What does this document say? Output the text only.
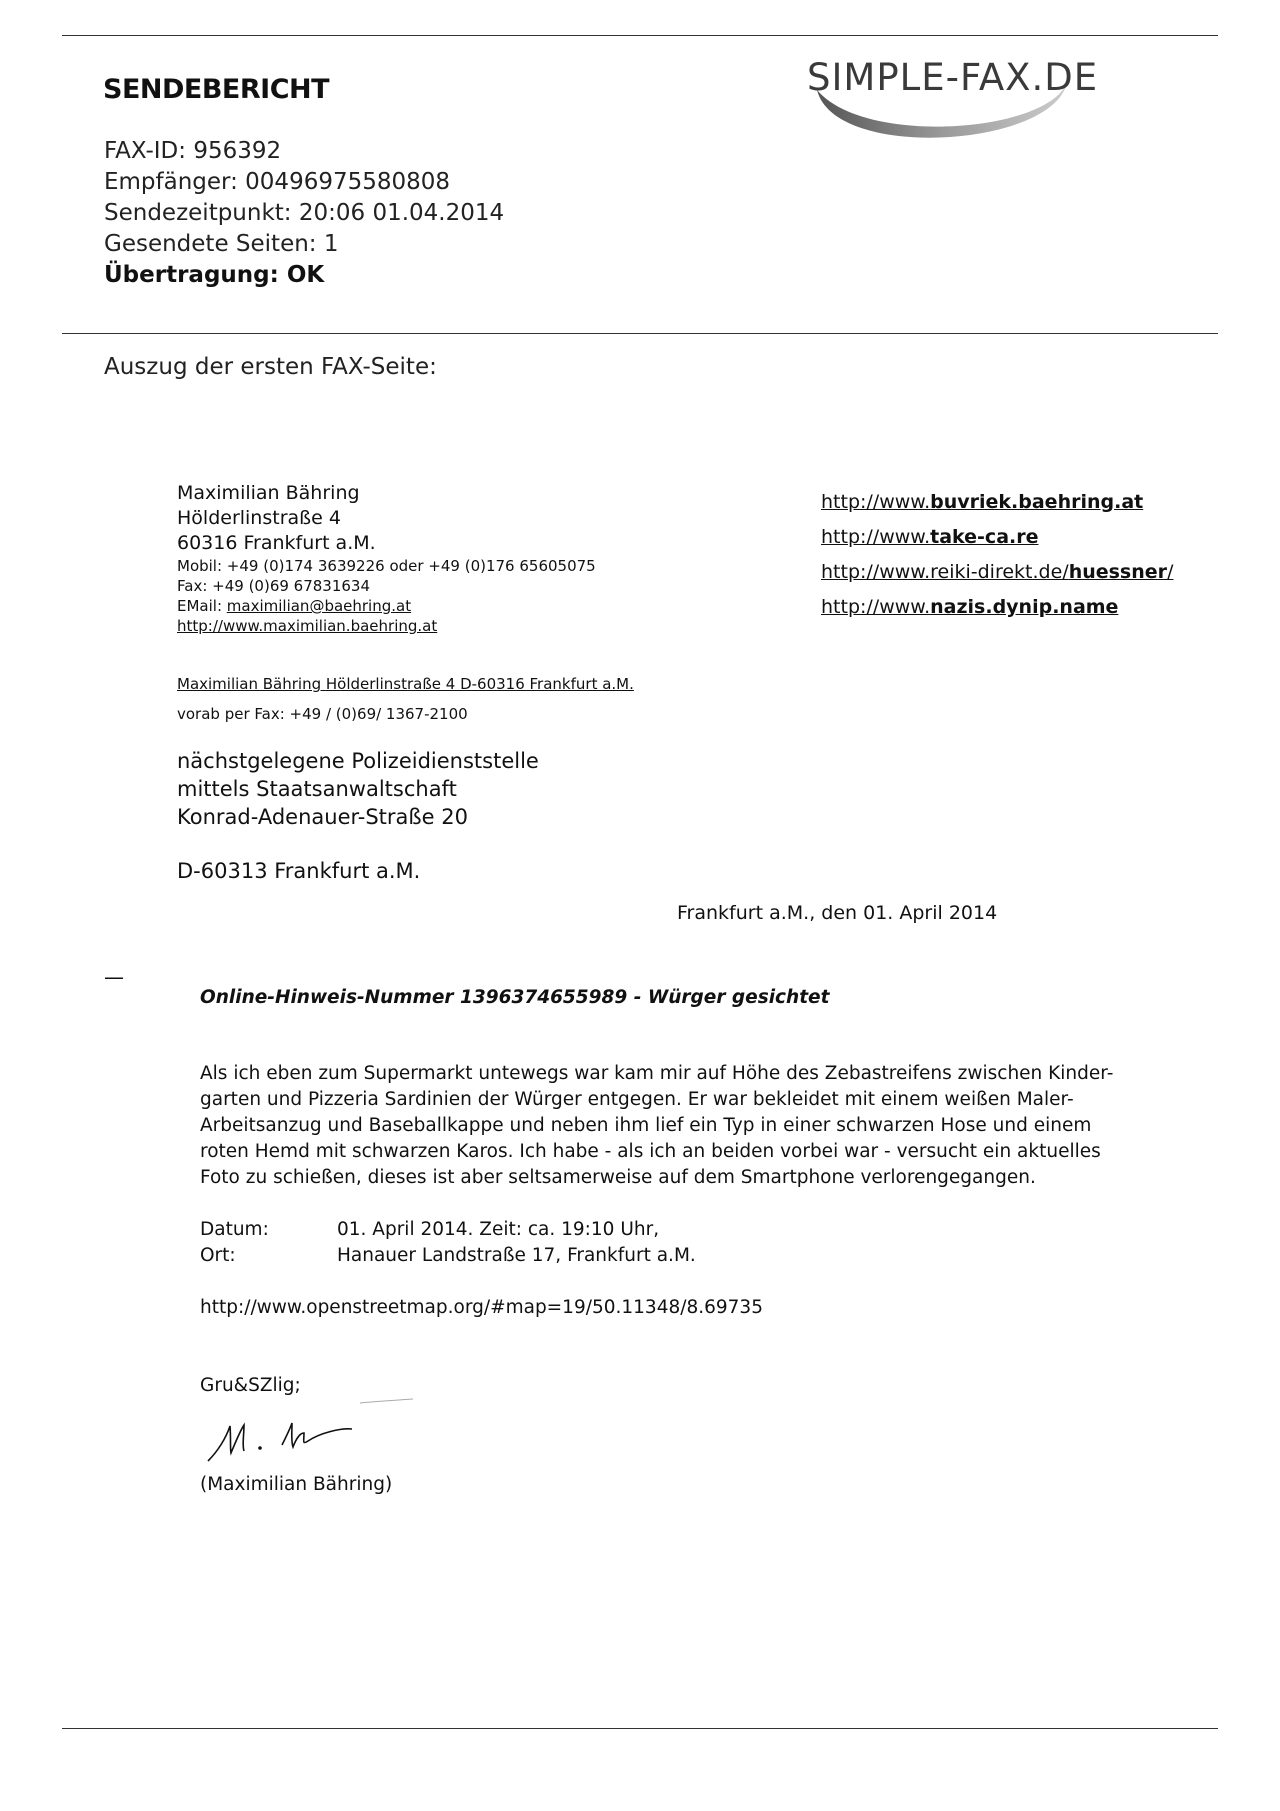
SENDEBERICHT	SIMPLE-FAX.DE
FAX-ID: 956392
Empfänger: 00496975580808
Sendezeitpunkt: 20:06 01.04.2014
Gesendete Seiten: 1
Übertragung: OK
Auszug der ersten FAX-Seite:
Maximilian Bähring
Hölderlinstraße 4
60316 Frankfurt a.M.
Mobil: +49 (0)174 3639226 oder +49 (0)176 65605075
Fax: +49 (0)69 67831634
EMail: maximilian@baehring.at
http://www.maximilian.baehring.at
http://www.buvriek.baehring.at
http://www.take-ca.re
http://www.reiki-direkt.de/huessner/
http://www.nazis.dynip.name
Maximilian Bähring Hölderlinstraße 4 D-60316 Frankfurt a.M.
vorab per Fax: +49 / (0)69/ 1367-2100
nächstgelegene Polizeidienststelle
mittels Staatsanwaltschaft
Konrad-Adenauer-Straße 20
D-60313 Frankfurt a.M.
Frankfurt a.M., den 01. April 2014
—
Online-Hinweis-Nummer 1396374655989 - Würger gesichtet
Als ich eben zum Supermarkt untewegs war kam mir auf Höhe des Zebastreifens zwischen Kinder-
garten und Pizzeria Sardinien der Würger entgegen. Er war bekleidet mit einem weißen Maler-
Arbeitsanzug und Baseballkappe und neben ihm lief ein Typ in einer schwarzen Hose und einem
roten Hemd mit schwarzen Karos. Ich habe - als ich an beiden vorbei war - versucht ein aktuelles
Foto zu schießen, dieses ist aber seltsamerweise auf dem Smartphone verlorengegangen.
Datum:	01. April 2014. Zeit: ca. 19:10 Uhr,
Ort:	Hanauer Landstraße 17, Frankfurt a.M.
http://www.openstreetmap.org/#map=19/50.11348/8.69735
Gru&SZlig;
(Maximilian Bähring)
